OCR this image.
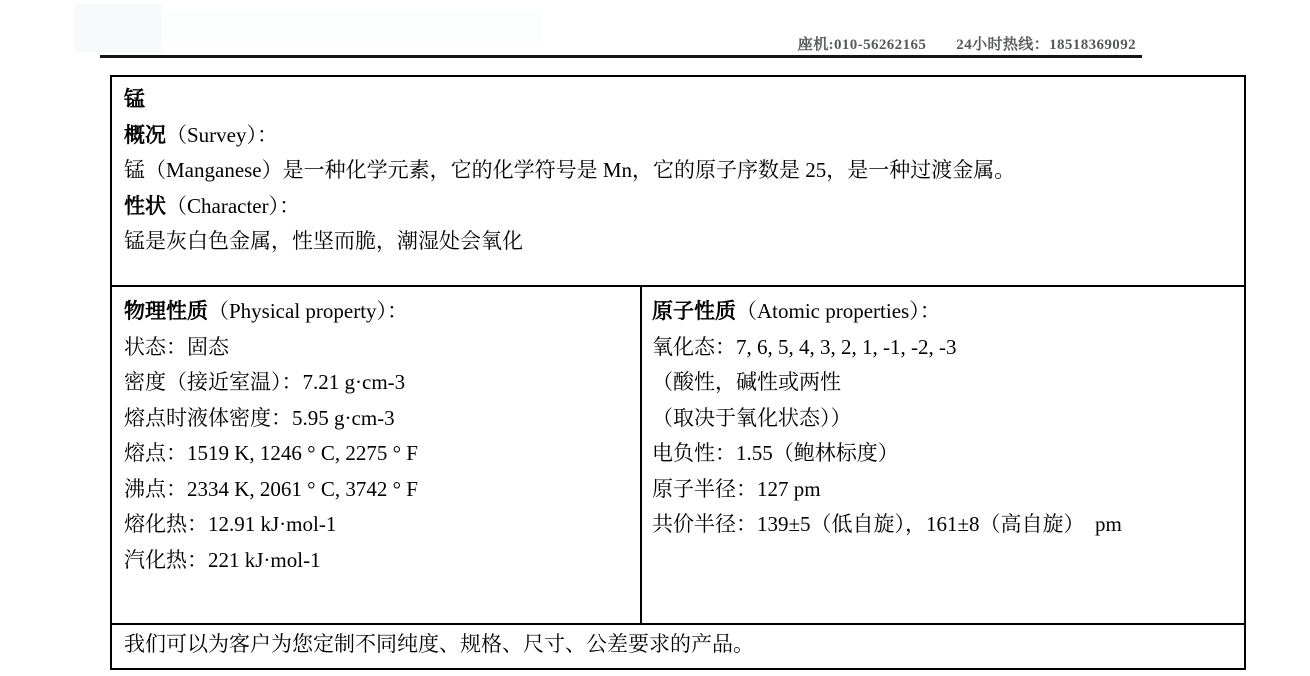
座机:010-56262165 24小时热线：18518369092
锰
概况（Survey）：
锰（Manganese）是一种化学元素，它的化学符号是 Mn，它的原子序数是 25，是一种过渡金属。
性状（Character）：
锰是灰白色金属，性坚而脆，潮湿处会氧化
物理性质（Physical property）：
状态：固态
密度（接近室温）：7.21 g·cm-3
熔点时液体密度：5.95 g·cm-3
熔点：1519 K, 1246 ° C, 2275 ° F
沸点：2334 K, 2061 ° C, 3742 ° F
熔化热：12.91 kJ·mol-1
汽化热：221 kJ·mol-1
原子性质（Atomic properties）：
氧化态：7, 6, 5, 4, 3, 2, 1, -1, -2, -3
（酸性，碱性或两性
（取决于氧化状态））
电负性：1.55（鲍林标度）
原子半径：127 pm
共价半径：139±5（低自旋），161±8（高自旋）  pm
我们可以为客户为您定制不同纯度、规格、尺寸、公差要求的产品。
